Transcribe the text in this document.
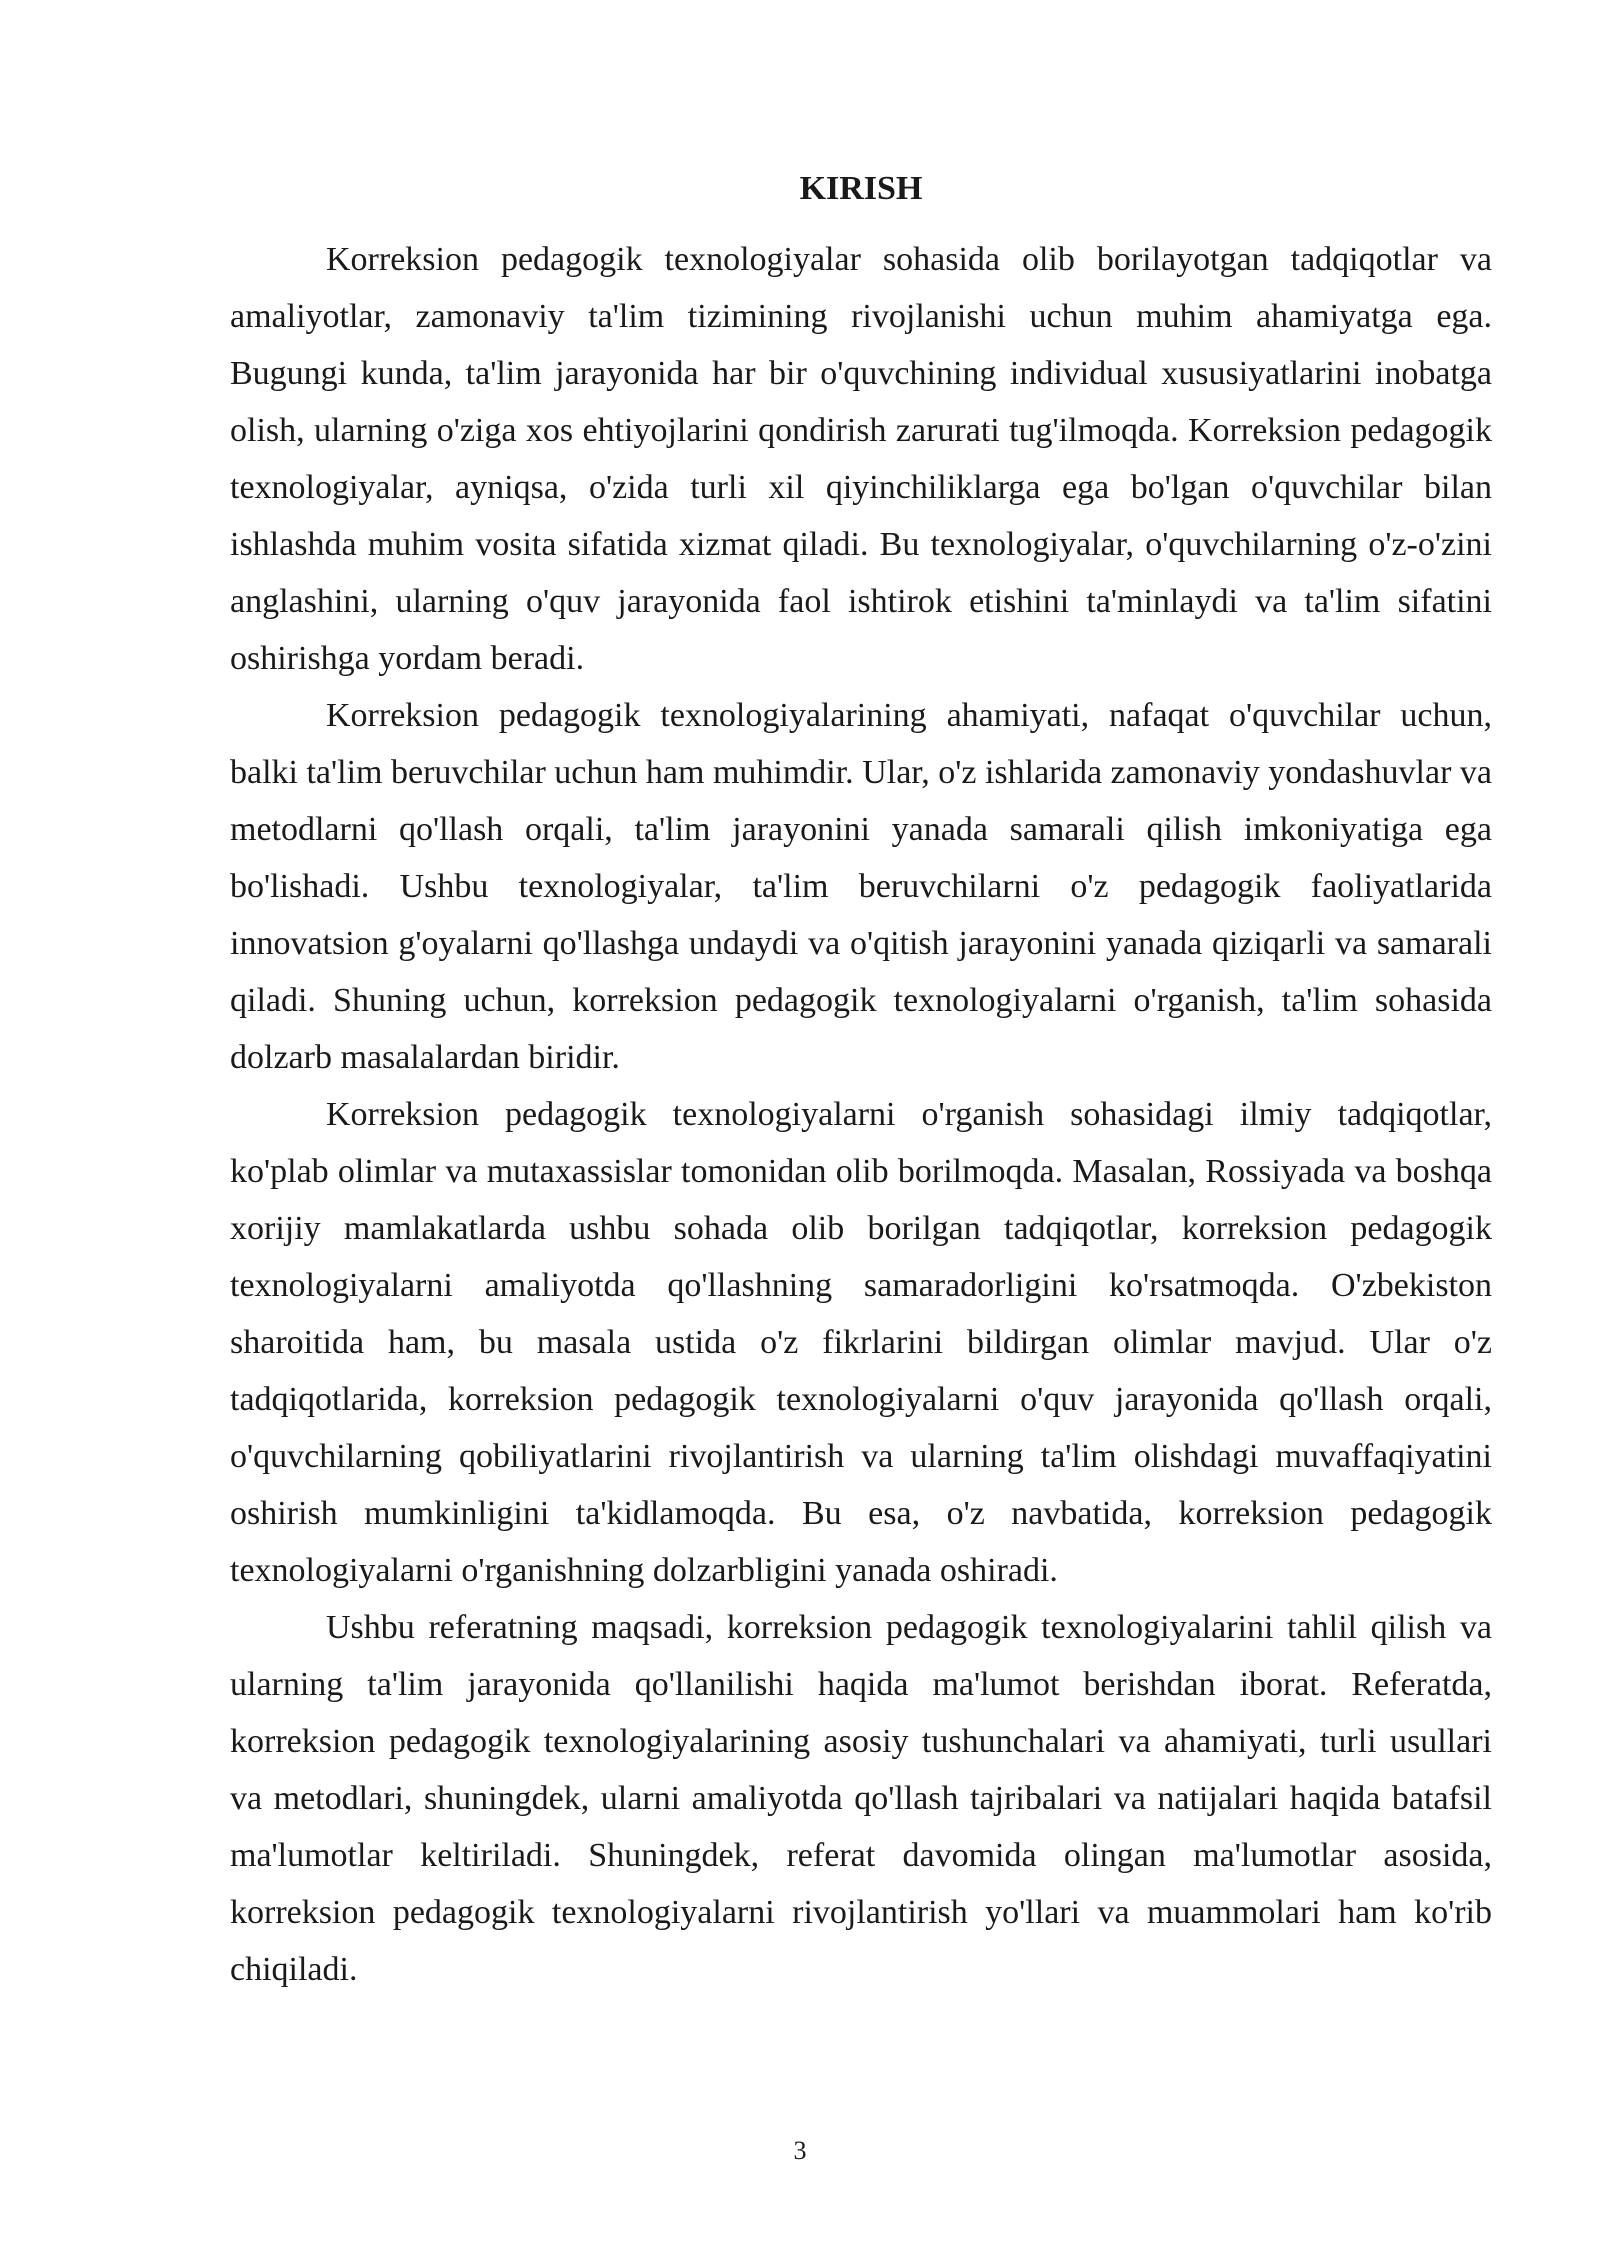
KIRISH

Korreksion pedagogik texnologiyalar sohasida olib borilayotgan tadqiqotlar va amaliyotlar, zamonaviy ta'lim tizimining rivojlanishi uchun muhim ahamiyatga ega. Bugungi kunda, ta'lim jarayonida har bir o'quvchining individual xususiyatlarini inobatga olish, ularning o'ziga xos ehtiyojlarini qondirish zarurati tug'ilmoqda. Korreksion pedagogik texnologiyalar, ayniqsa, o'zida turli xil qiyinchiliklarga ega bo'lgan o'quvchilar bilan ishlashda muhim vosita sifatida xizmat qiladi. Bu texnologiyalar, o'quvchilarning o'z-o'zini anglashini, ularning o'quv jarayonida faol ishtirok etishini ta'minlaydi va ta'lim sifatini oshirishga yordam beradi.

Korreksion pedagogik texnologiyalarining ahamiyati, nafaqat o'quvchilar uchun, balki ta'lim beruvchilar uchun ham muhimdir. Ular, o'z ishlarida zamonaviy yondashuvlar va metodlarni qo'llash orqali, ta'lim jarayonini yanada samarali qilish imkoniyatiga ega bo'lishadi. Ushbu texnologiyalar, ta'lim beruvchilarni o'z pedagogik faoliyatlarida innovatsion g'oyalarni qo'llashga undaydi va o'qitish jarayonini yanada qiziqarli va samarali qiladi. Shuning uchun, korreksion pedagogik texnologiyalarni o'rganish, ta'lim sohasida dolzarb masalalardan biridir.

Korreksion pedagogik texnologiyalarni o'rganish sohasidagi ilmiy tadqiqotlar, ko'plab olimlar va mutaxassislar tomonidan olib borilmoqda. Masalan, Rossiyada va boshqa xorijiy mamlakatlarda ushbu sohada olib borilgan tadqiqotlar, korreksion pedagogik texnologiyalarni amaliyotda qo'llashning samaradorligini ko'rsatmoqda. O'zbekiston sharoitida ham, bu masala ustida o'z fikrlarini bildirgan olimlar mavjud. Ular o'z tadqiqotlarida, korreksion pedagogik texnologiyalarni o'quv jarayonida qo'llash orqali, o'quvchilarning qobiliyatlarini rivojlantirish va ularning ta'lim olishdagi muvaffaqiyatini oshirish mumkinligini ta'kidlamoqda. Bu esa, o'z navbatida, korreksion pedagogik texnologiyalarni o'rganishning dolzarbligini yanada oshiradi.

Ushbu referatning maqsadi, korreksion pedagogik texnologiyalarini tahlil qilish va ularning ta'lim jarayonida qo'llanilishi haqida ma'lumot berishdan iborat. Referatda, korreksion pedagogik texnologiyalarining asosiy tushunchalari va ahamiyati, turli usullari va metodlari, shuningdek, ularni amaliyotda qo'llash tajribalari va natijalari haqida batafsil ma'lumotlar keltiriladi. Shuningdek, referat davomida olingan ma'lumotlar asosida, korreksion pedagogik texnologiyalarni rivojlantirish yo'llari va muammolari ham ko'rib chiqiladi.

3
